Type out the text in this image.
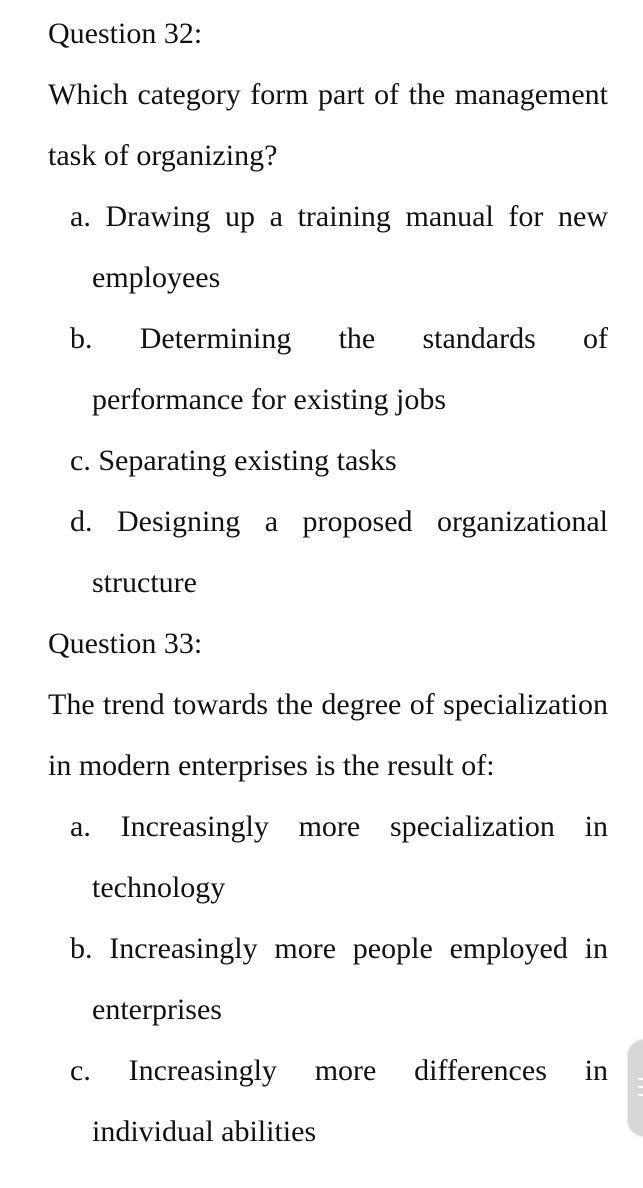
Question 32:

Which category form part of the management task of organizing?

a. Drawing up a training manual for new employees
b. Determining the standards of performance for existing jobs
c. Separating existing tasks
d. Designing a proposed organizational structure
Question 33:

The trend towards the degree of specialization in modern enterprises is the result of:

a. Increasingly more specialization in technology
b. Increasingly more people employed in enterprises
c. Increasingly more differences in individual abilities
